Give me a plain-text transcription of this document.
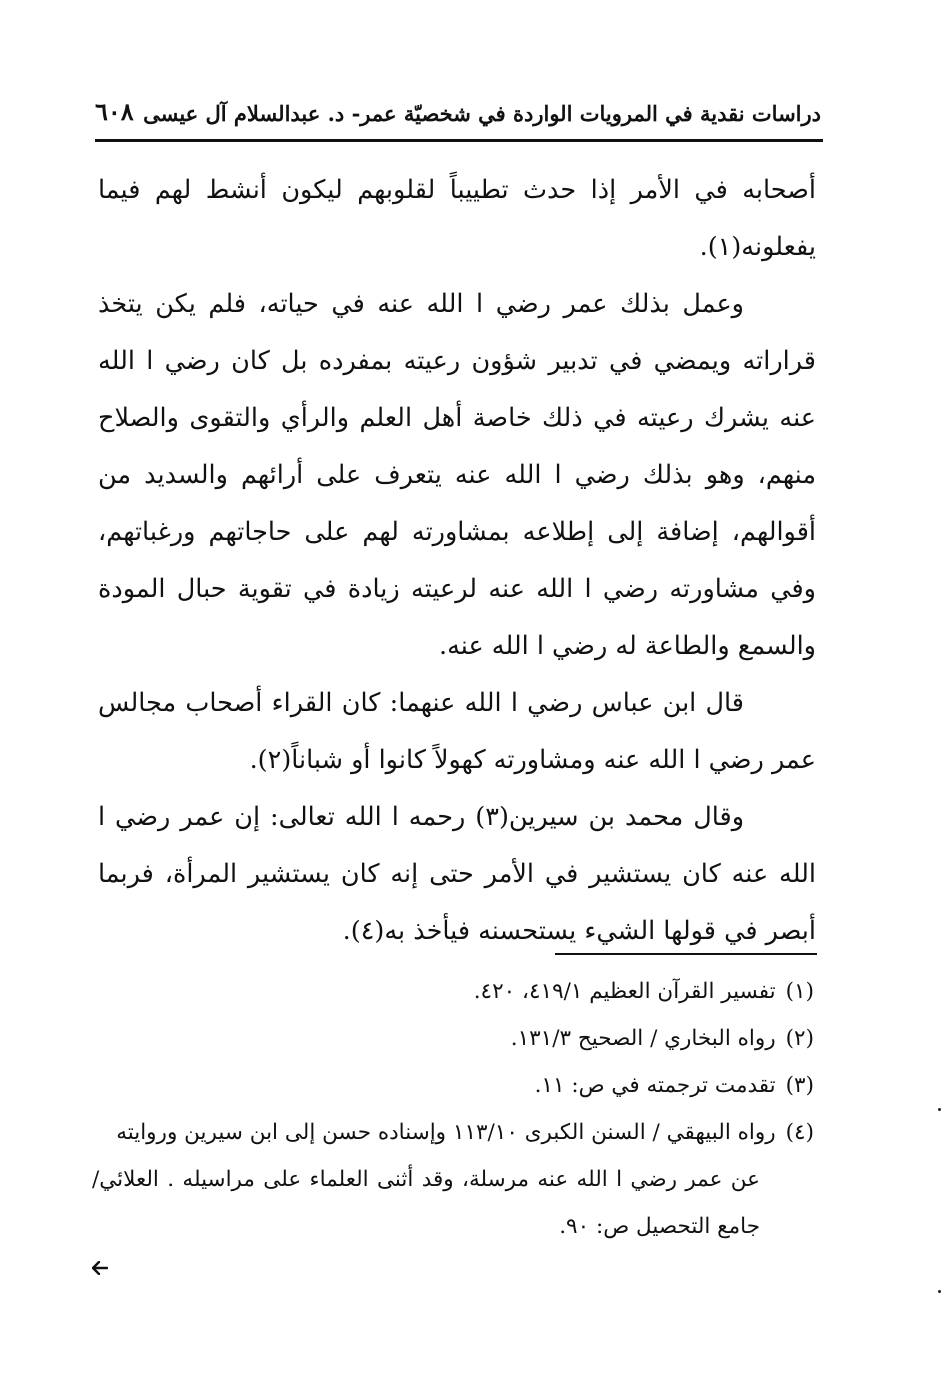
دراسات نقدية في المرويات الواردة في شخصيّة عمر- د. عبدالسلام آل عيسى
٦٠٨

أصحابه في الأمر إذا حدث تطييباً لقلوبهم ليكون أنشط لهم فيما يفعلونه(١).

وعمل بذلك عمر رضي ا الله عنه في حياته، فلم يكن يتخذ قراراته ويمضي في تدبير شؤون رعيته بمفرده بل كان رضي ا الله عنه يشرك رعيته في ذلك خاصة أهل العلم والرأي والتقوى والصلاح منهم، وهو بذلك رضي ا الله عنه يتعرف على أرائهم والسديد من أقوالهم، إضافة إلى إطلاعه بمشاورته لهم على حاجاتهم ورغباتهم، وفي مشاورته رضي ا الله عنه لرعيته زيادة في تقوية حبال المودة والسمع والطاعة له رضي ا الله عنه.

قال ابن عباس رضي ا الله عنهما: كان القراء أصحاب مجالس عمر رضي ا الله عنه ومشاورته كهولاً كانوا أو شباناً(٢).

وقال محمد بن سيرين(٣) رحمه ا الله تعالى: إن عمر رضي ا الله عنه كان يستشير في الأمر حتى إنه كان يستشير المرأة، فربما أبصر في قولها الشيء يستحسنه فيأخذ به(٤).

(١)تفسير القرآن العظيم ٤١٩/١، ٤٢٠.

(٢)رواه البخاري / الصحيح ١٣١/٣.

(٣)تقدمت ترجمته في ص: ١١.

(٤)رواه البيهقي / السنن الكبرى ١١٣/١٠ وإسناده حسن إلى ابن سيرين وروايته

عن عمر رضي ا الله عنه مرسلة، وقد أثنى العلماء على مراسيله . العلائي/ جامع التحصيل ص: ٩٠.
